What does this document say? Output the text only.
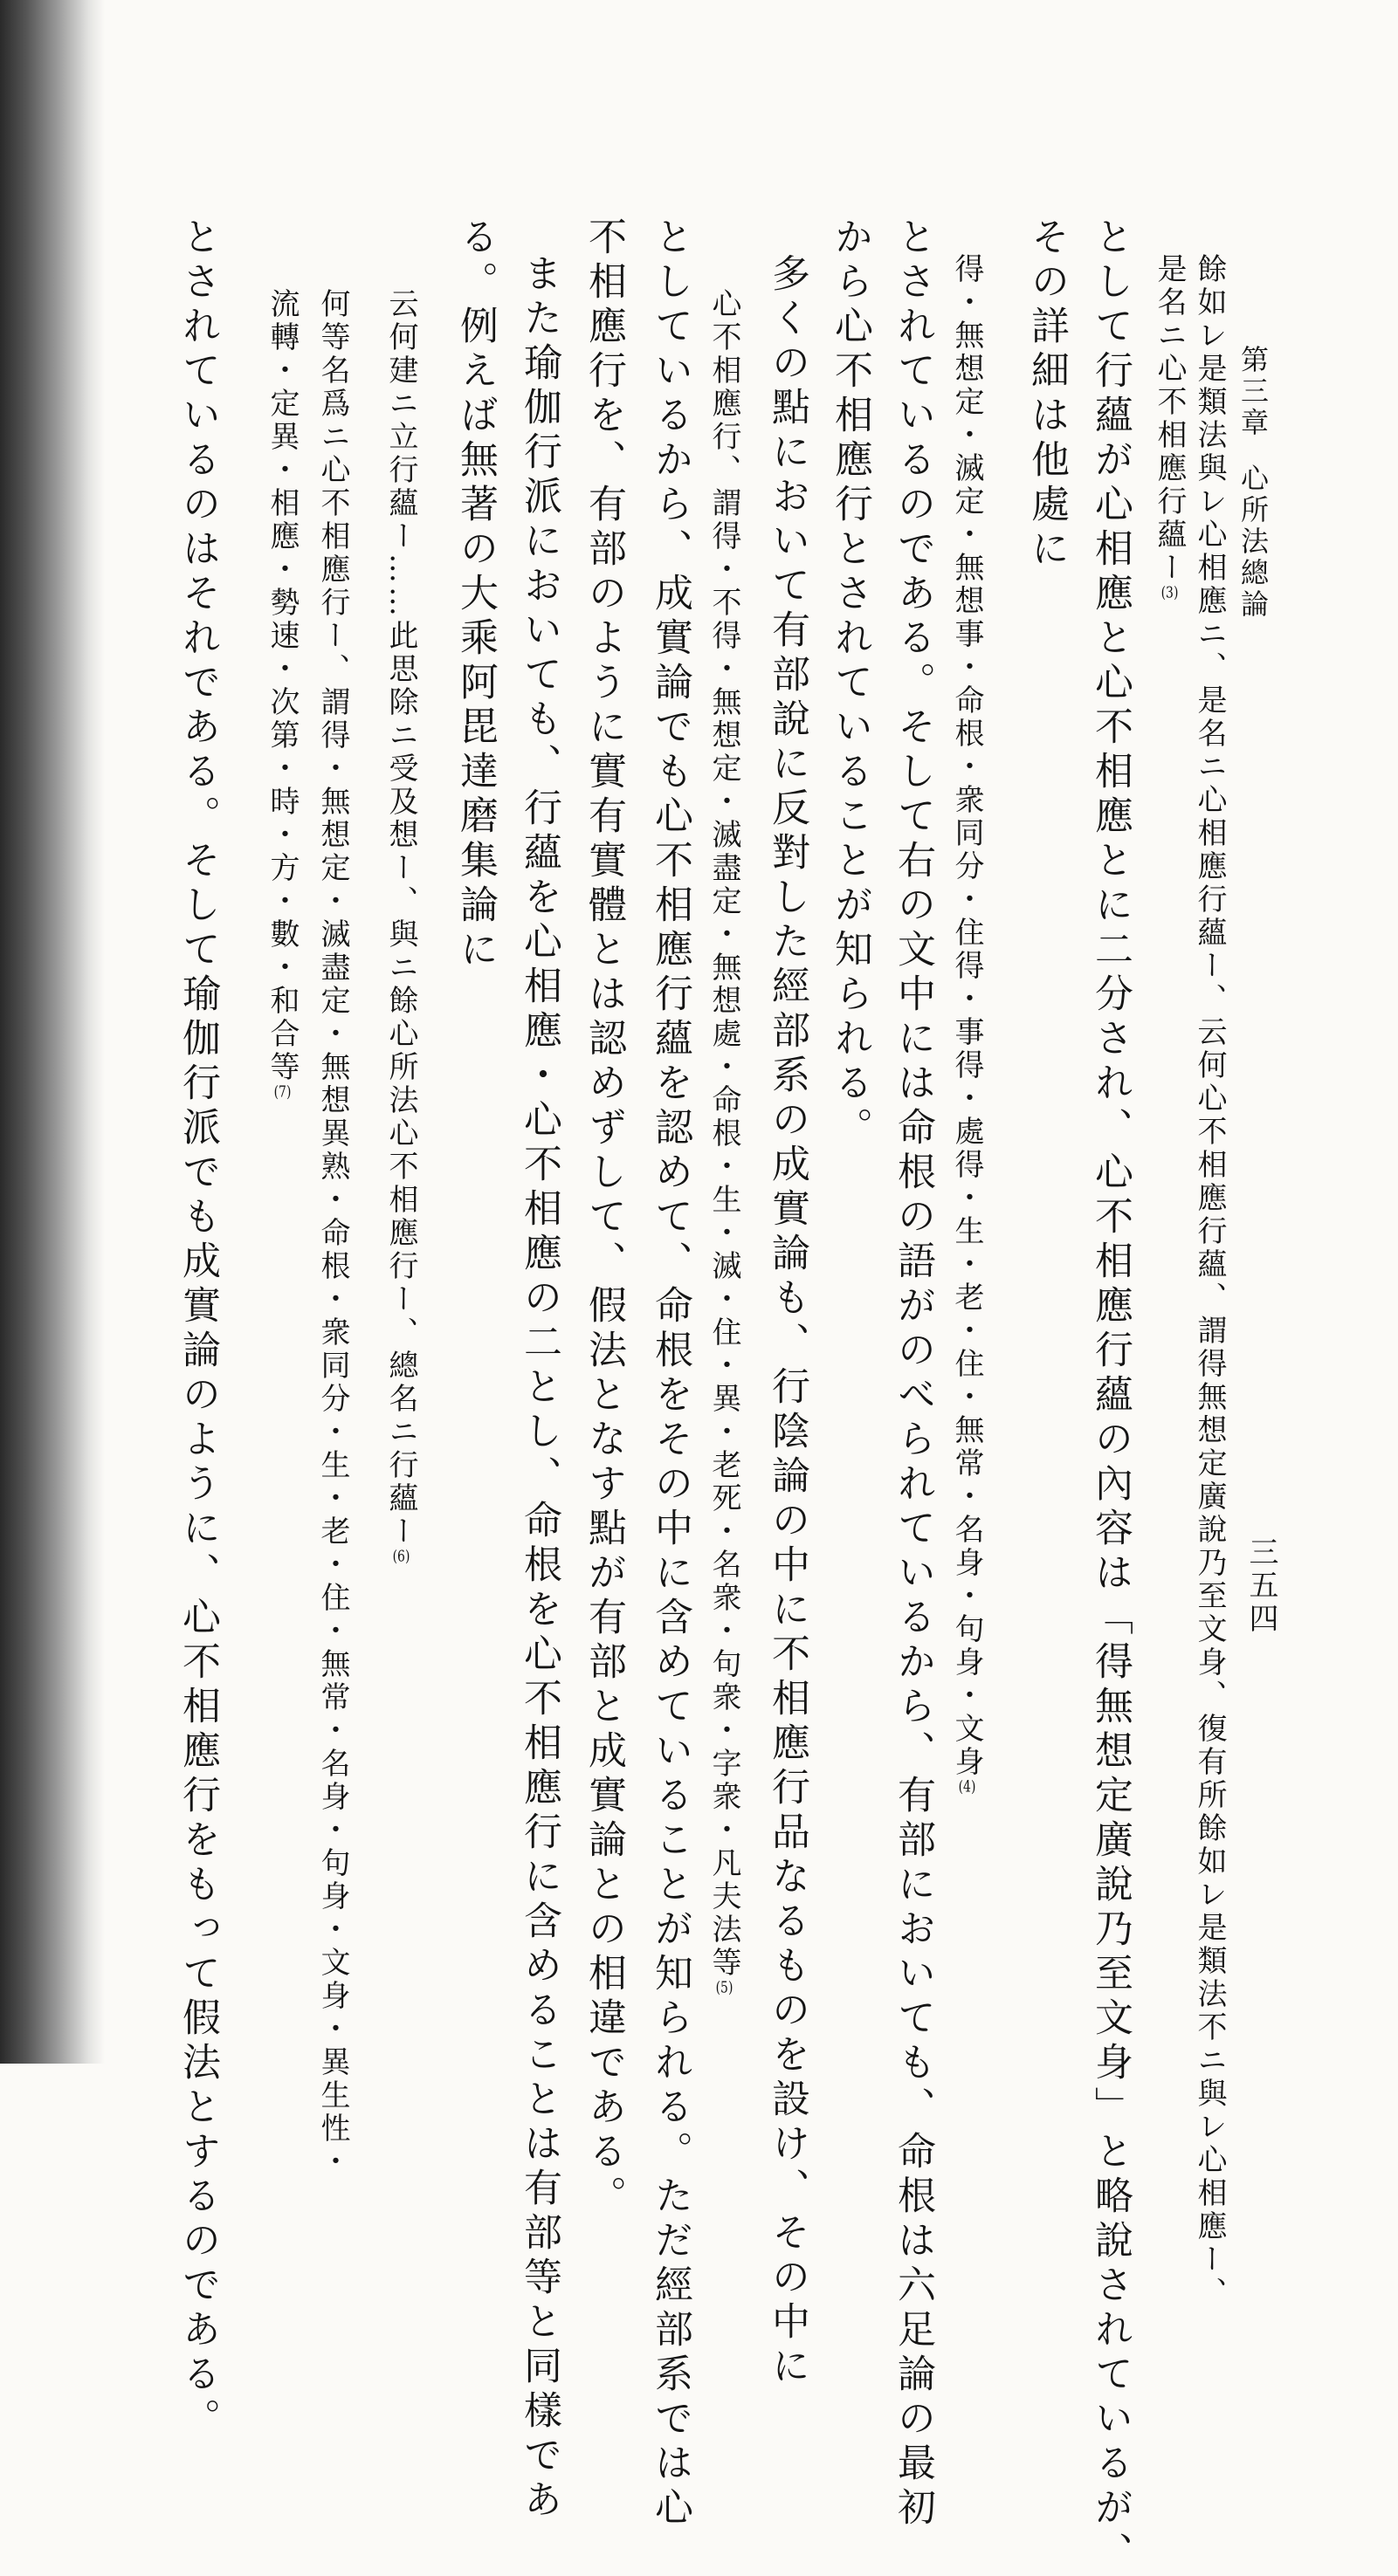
第三章心所法總論
三五四
餘如レ是類法與レ心相應ニ、是名ニ心相應行蘊ー、云何心不相應行蘊、謂得無想定廣說乃至文身、復有所餘如レ是類法不ニ與レ心相應ー、
是名ニ心不相應行蘊ー(3)
として行蘊が心相應と心不相應とに二分され、心不相應行蘊の內容は「得無想定廣說乃至文身」と略說されているが、
その詳細は他處に
得・無想定・滅定・無想事・命根・衆同分・住得・事得・處得・生・老・住・無常・名身・句身・文身(4)
とされているのである。そして右の文中には命根の語がのべられているから、有部においても、命根は六足論の最初
から心不相應行とされていることが知られる。
多くの點において有部說に反對した經部系の成實論も、行陰論の中に不相應行品なるものを設け、その中に
心不相應行、謂得・不得・無想定・滅盡定・無想處・命根・生・滅・住・異・老死・名衆・句衆・字衆・凡夫法等(5)
としているから、成實論でも心不相應行蘊を認めて、命根をその中に含めていることが知られる。ただ經部系では心
不相應行を、有部のように實有實體とは認めずして、假法となす點が有部と成實論との相違である。
また瑜伽行派においても、行蘊を心相應・心不相應の二とし、命根を心不相應行に含めることは有部等と同樣であ
る。例えば無著の大乘阿毘達磨集論に
云何建ニ立行蘊ー……此思除ニ受及想ー、與ニ餘心所法心不相應行ー、總名ニ行蘊ー(6)
何等名爲ニ心不相應行ー、謂得・無想定・滅盡定・無想異熟・命根・衆同分・生・老・住・無常・名身・句身・文身・異生性・
流轉・定異・相應・勢速・次第・時・方・數・和合等(7)
とされているのはそれである。そして瑜伽行派でも成實論のように、心不相應行をもって假法とするのである。
